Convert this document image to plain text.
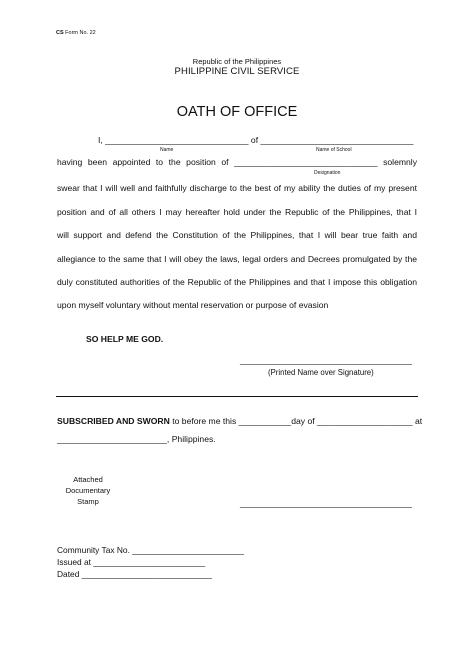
CS Form No. 22
Republic of the Philippines
PHILIPPINE CIVIL SERVICE
OATH OF OFFICE
I, ______________________________ of ________________________________
Name	Name of School
having been appointed to the position of ______________________________ solemnly
Designation
swear that I will well and faithfully discharge to the best of my ability the duties of my present
position and of all others I may hereafter hold under the Republic of the Philippines, that I
will support and defend the Constitution of the Philippines, that I will bear true faith and
allegiance to the same that I will obey the laws, legal orders and Decrees promulgated by the
duly constituted authorities of the Republic of the Philippines and that I impose this obligation
upon myself voluntary without mental reservation or purpose of evasion
SO HELP ME GOD.
____________________________________
(Printed Name over Signature)
SUBSCRIBED AND SWORN to before me this ___________day of ____________________ at
_______________________, Philippines.
Attached
Documentary
Stamp	____________________________________
Community Tax No. ________________________
Issued at ________________________
Dated ____________________________
